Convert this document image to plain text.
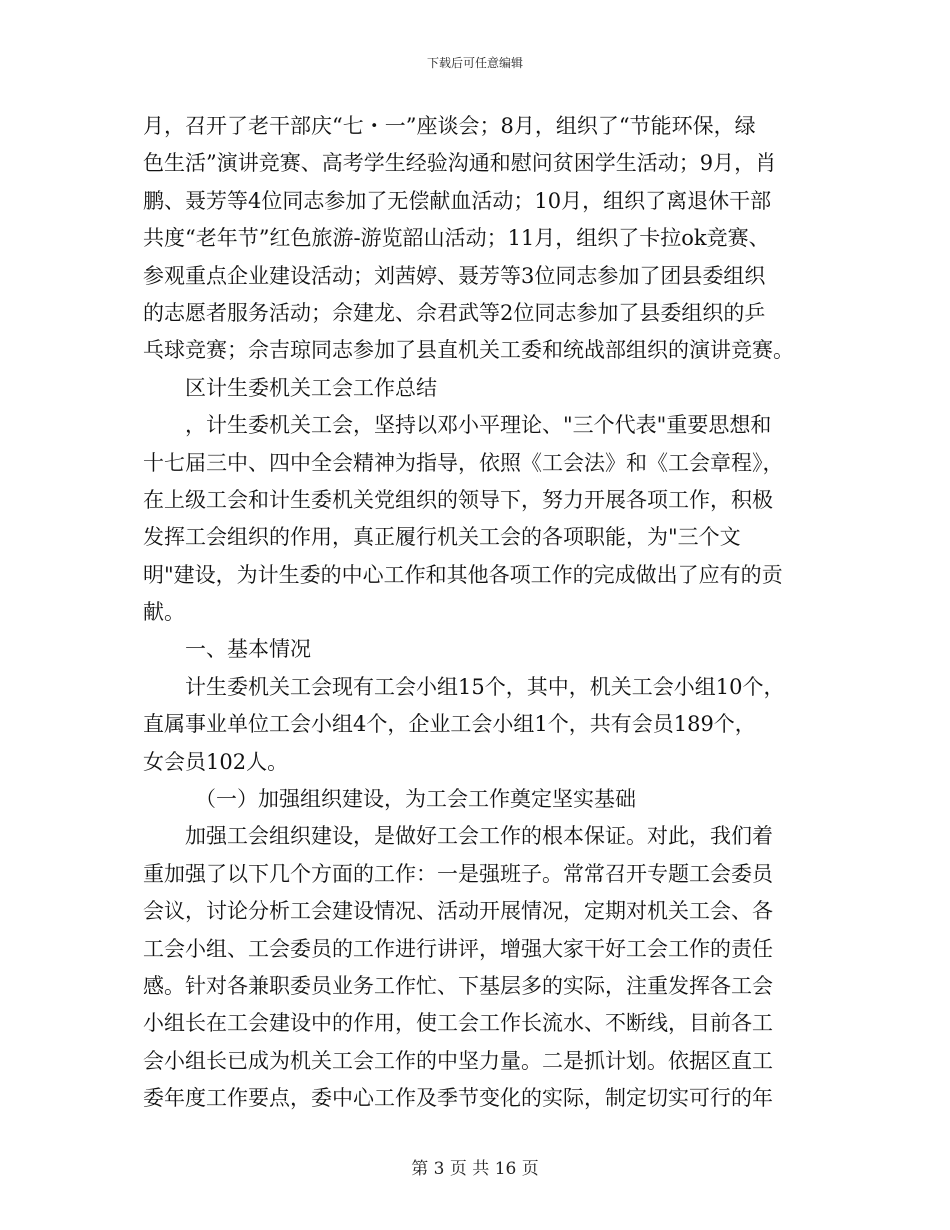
下载后可任意编辑
月，召开了老干部庆“七・一”座谈会；8月，组织了“节能环保，绿
色生活”演讲竞赛、高考学生经验沟通和慰问贫困学生活动；9月，肖
鹏、聂芳等4位同志参加了无偿献血活动；10月，组织了离退休干部
共度“老年节”红色旅游-游览韶山活动；11月，组织了卡拉ok竞赛、
参观重点企业建设活动；刘茜婷、聂芳等3位同志参加了团县委组织
的志愿者服务活动；佘建龙、佘君武等2位同志参加了县委组织的乒
乓球竞赛；佘吉琼同志参加了县直机关工委和统战部组织的演讲竞赛。
区计生委机关工会工作总结
，计生委机关工会，坚持以邓小平理论、"三个代表"重要思想和
十七届三中、四中全会精神为指导，依照《工会法》和《工会章程》，
在上级工会和计生委机关党组织的领导下，努力开展各项工作，积极
发挥工会组织的作用，真正履行机关工会的各项职能，为"三个文
明"建设，为计生委的中心工作和其他各项工作的完成做出了应有的贡
献。
一、基本情况
计生委机关工会现有工会小组15个，其中，机关工会小组10个，
直属事业单位工会小组4个，企业工会小组1个，共有会员189个，
女会员102人。
（一）加强组织建设，为工会工作奠定坚实基础
加强工会组织建设，是做好工会工作的根本保证。对此，我们着
重加强了以下几个方面的工作：一是强班子。常常召开专题工会委员
会议，讨论分析工会建设情况、活动开展情况，定期对机关工会、各
工会小组、工会委员的工作进行讲评，增强大家干好工会工作的责任
感。针对各兼职委员业务工作忙、下基层多的实际，注重发挥各工会
小组长在工会建设中的作用，使工会工作长流水、不断线，目前各工
会小组长已成为机关工会工作的中坚力量。二是抓计划。依据区直工
委年度工作要点，委中心工作及季节变化的实际，制定切实可行的年
第 3 页 共 16 页
